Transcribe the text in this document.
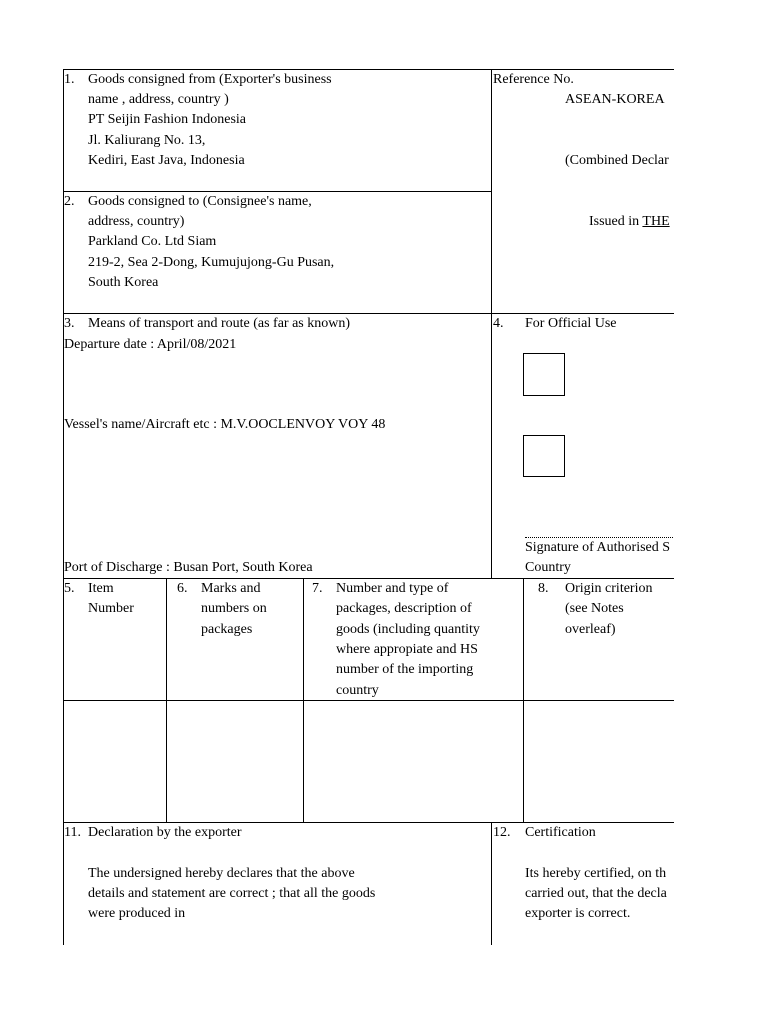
1. Goods consigned from (Exporter's business
name , address, country )
PT Seijin Fashion Indonesia
Jl. Kaliurang No. 13,
Kediri, East Java, Indonesia
Reference No.
ASEAN-KOREA
(Combined Declar
Issued in THE
2. Goods consigned to (Consignee's name,
address, country)
Parkland Co. Ltd Siam
219-2, Sea 2-Dong, Kumujujong-Gu Pusan,
South Korea
3. Means of transport and route (as far as known)
Departure date : April/08/2021
Vessel's name/Aircraft etc : M.V.OOCLENVOY VOY 48
Port of Discharge : Busan Port, South Korea
4. For Official Use
Signature of Authorised S
Country
5. Item
Number
6. Marks and
numbers on
packages
7. Number and type of
packages, description of
goods (including quantity
where appropiate and HS
number of the importing
country
8. Origin criterion
(see Notes
overleaf)
11. Declaration by the exporter
The undersigned hereby declares that the above
details and statement are correct ; that all the goods
were produced in
12. Certification
Its hereby certified, on th
carried out, that the decla
exporter is correct.
